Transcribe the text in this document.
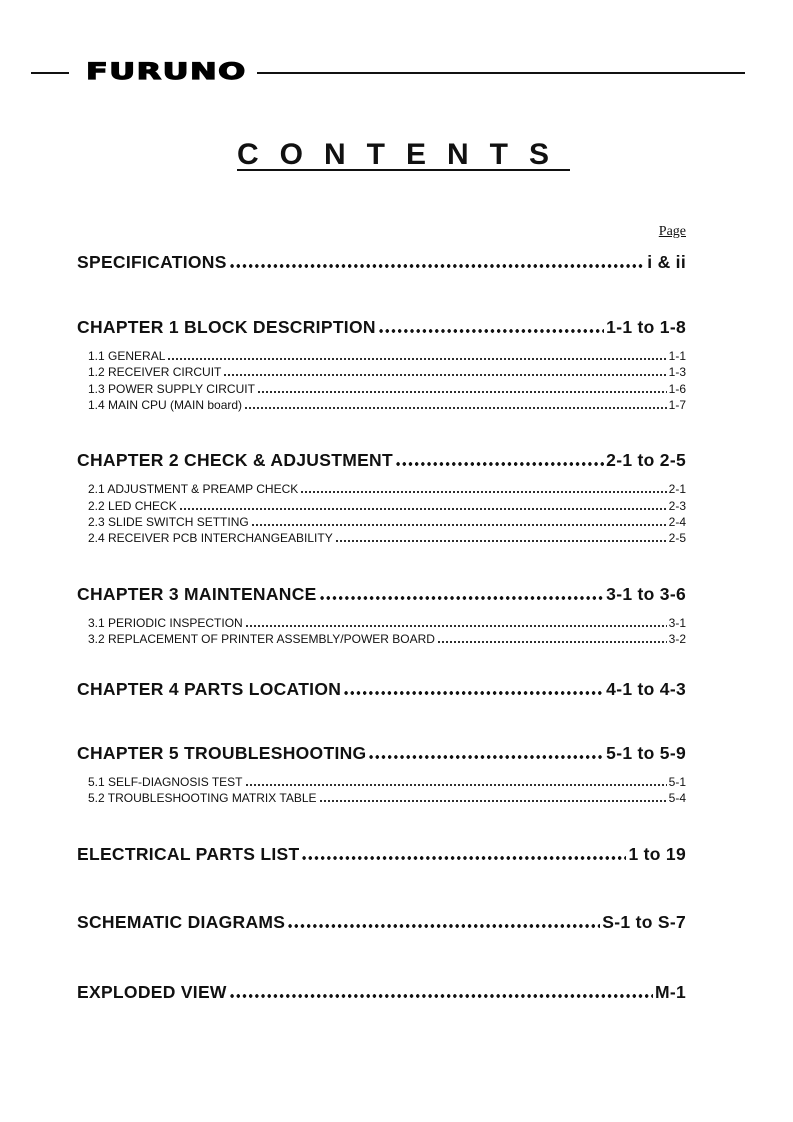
FURUNO
CONTENTS
Page
SPECIFICATIONS	i & ii
CHAPTER 1 BLOCK DESCRIPTION	1-1 to 1-8
1.1 GENERAL	1-1
1.2 RECEIVER CIRCUIT	1-3
1.3 POWER SUPPLY CIRCUIT	1-6
1.4 MAIN CPU (MAIN board)	1-7
CHAPTER 2 CHECK & ADJUSTMENT	2-1 to 2-5
2.1 ADJUSTMENT & PREAMP CHECK	2-1
2.2 LED CHECK	2-3
2.3 SLIDE SWITCH SETTING	2-4
2.4 RECEIVER PCB INTERCHANGEABILITY	2-5
CHAPTER 3 MAINTENANCE	3-1 to 3-6
3.1 PERIODIC INSPECTION	3-1
3.2 REPLACEMENT OF PRINTER ASSEMBLY/POWER BOARD	3-2
CHAPTER 4 PARTS LOCATION	4-1 to 4-3
CHAPTER 5 TROUBLESHOOTING	5-1 to 5-9
5.1 SELF-DIAGNOSIS TEST	5-1
5.2 TROUBLESHOOTING MATRIX TABLE	5-4
ELECTRICAL PARTS LIST	1 to 19
SCHEMATIC DIAGRAMS	S-1 to S-7
EXPLODED VIEW	M-1
